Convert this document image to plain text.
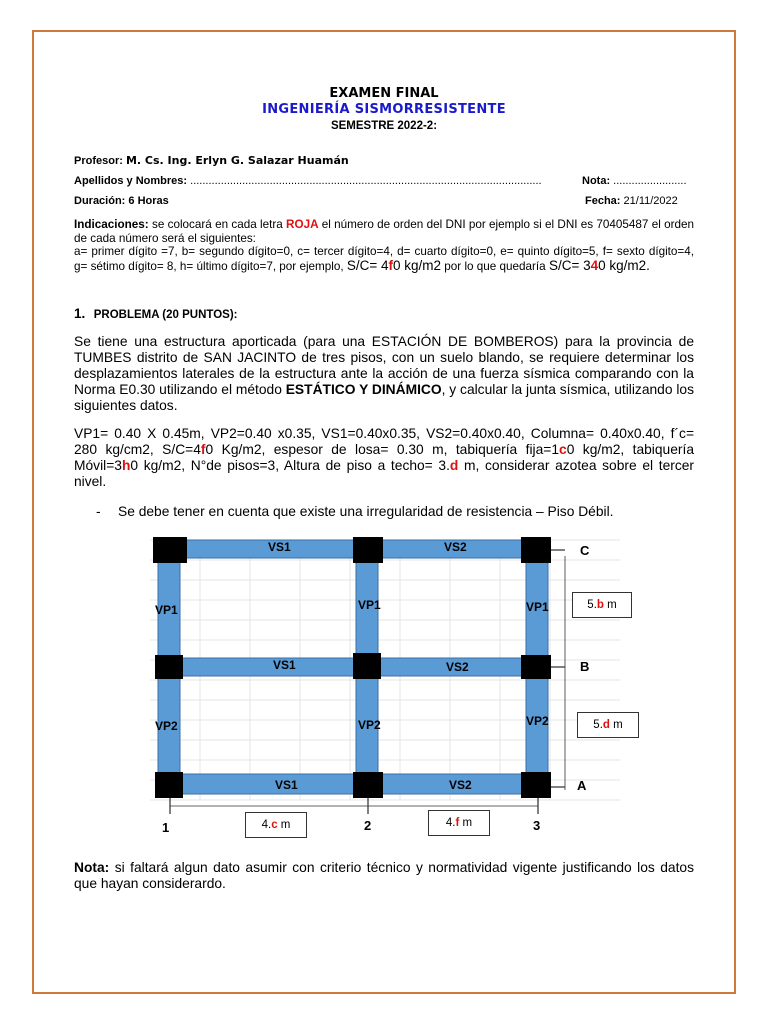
EXAMEN FINAL
INGENIERÍA SISMORRESISTENTE
SEMESTRE 2022-2:
Profesor: M. Cs. Ing. Erlyn G. Salazar Huamán
Apellidos y Nombres: ...................................................................................................................	Nota: ........................
Duración: 6 Horas	Fecha: 21/11/2022
Indicaciones: se colocará en cada letra ROJA el número de orden del DNI por ejemplo si el DNI es 70405487 el orden de cada número será el siguientes:
a= primer dígito =7, b= segundo dígito=0, c= tercer dígito=4, d= cuarto dígito=0, e= quinto dígito=5, f= sexto dígito=4, g= sétimo dígito= 8, h= último dígito=7, por ejemplo, S/C= 4f0 kg/m2 por lo que quedaría S/C= 340 kg/m2.
1. PROBLEMA (20 PUNTOS):
Se tiene una estructura aporticada (para una ESTACIÓN DE BOMBEROS) para la provincia de TUMBES distrito de SAN JACINTO de tres pisos, con un suelo blando, se requiere determinar los desplazamientos laterales de la estructura ante la acción de una fuerza sísmica comparando con la Norma E0.30 utilizando el método ESTÁTICO Y DINÁMICO, y calcular la junta sísmica, utilizando los siguientes datos.
VP1= 0.40 X 0.45m, VP2=0.40 x0.35, VS1=0.40x0.35, VS2=0.40x0.40, Columna= 0.40x0.40, f´c= 280 kg/cm2, S/C=4f0 Kg/m2, espesor de losa= 0.30 m, tabiquería fija=1c0 kg/m2, tabiquería Móvil=3h0 kg/m2, N°de pisos=3, Altura de piso a techo= 3.d m, considerar azotea sobre el tercer nivel.
- Se debe tener en cuenta que existe una irregularidad de resistencia – Piso Débil.
VS1	VS2
VS1	VS2
VS1	VS2
VP1	VP1	VP1
VP2	VP2	VP2
C
B
A
1	2	3
5. b m
5. d m
4. c m	4. f m
Nota: si faltará algun dato asumir con criterio técnico y normatividad vigente justificando los datos que hayan considerardo.
